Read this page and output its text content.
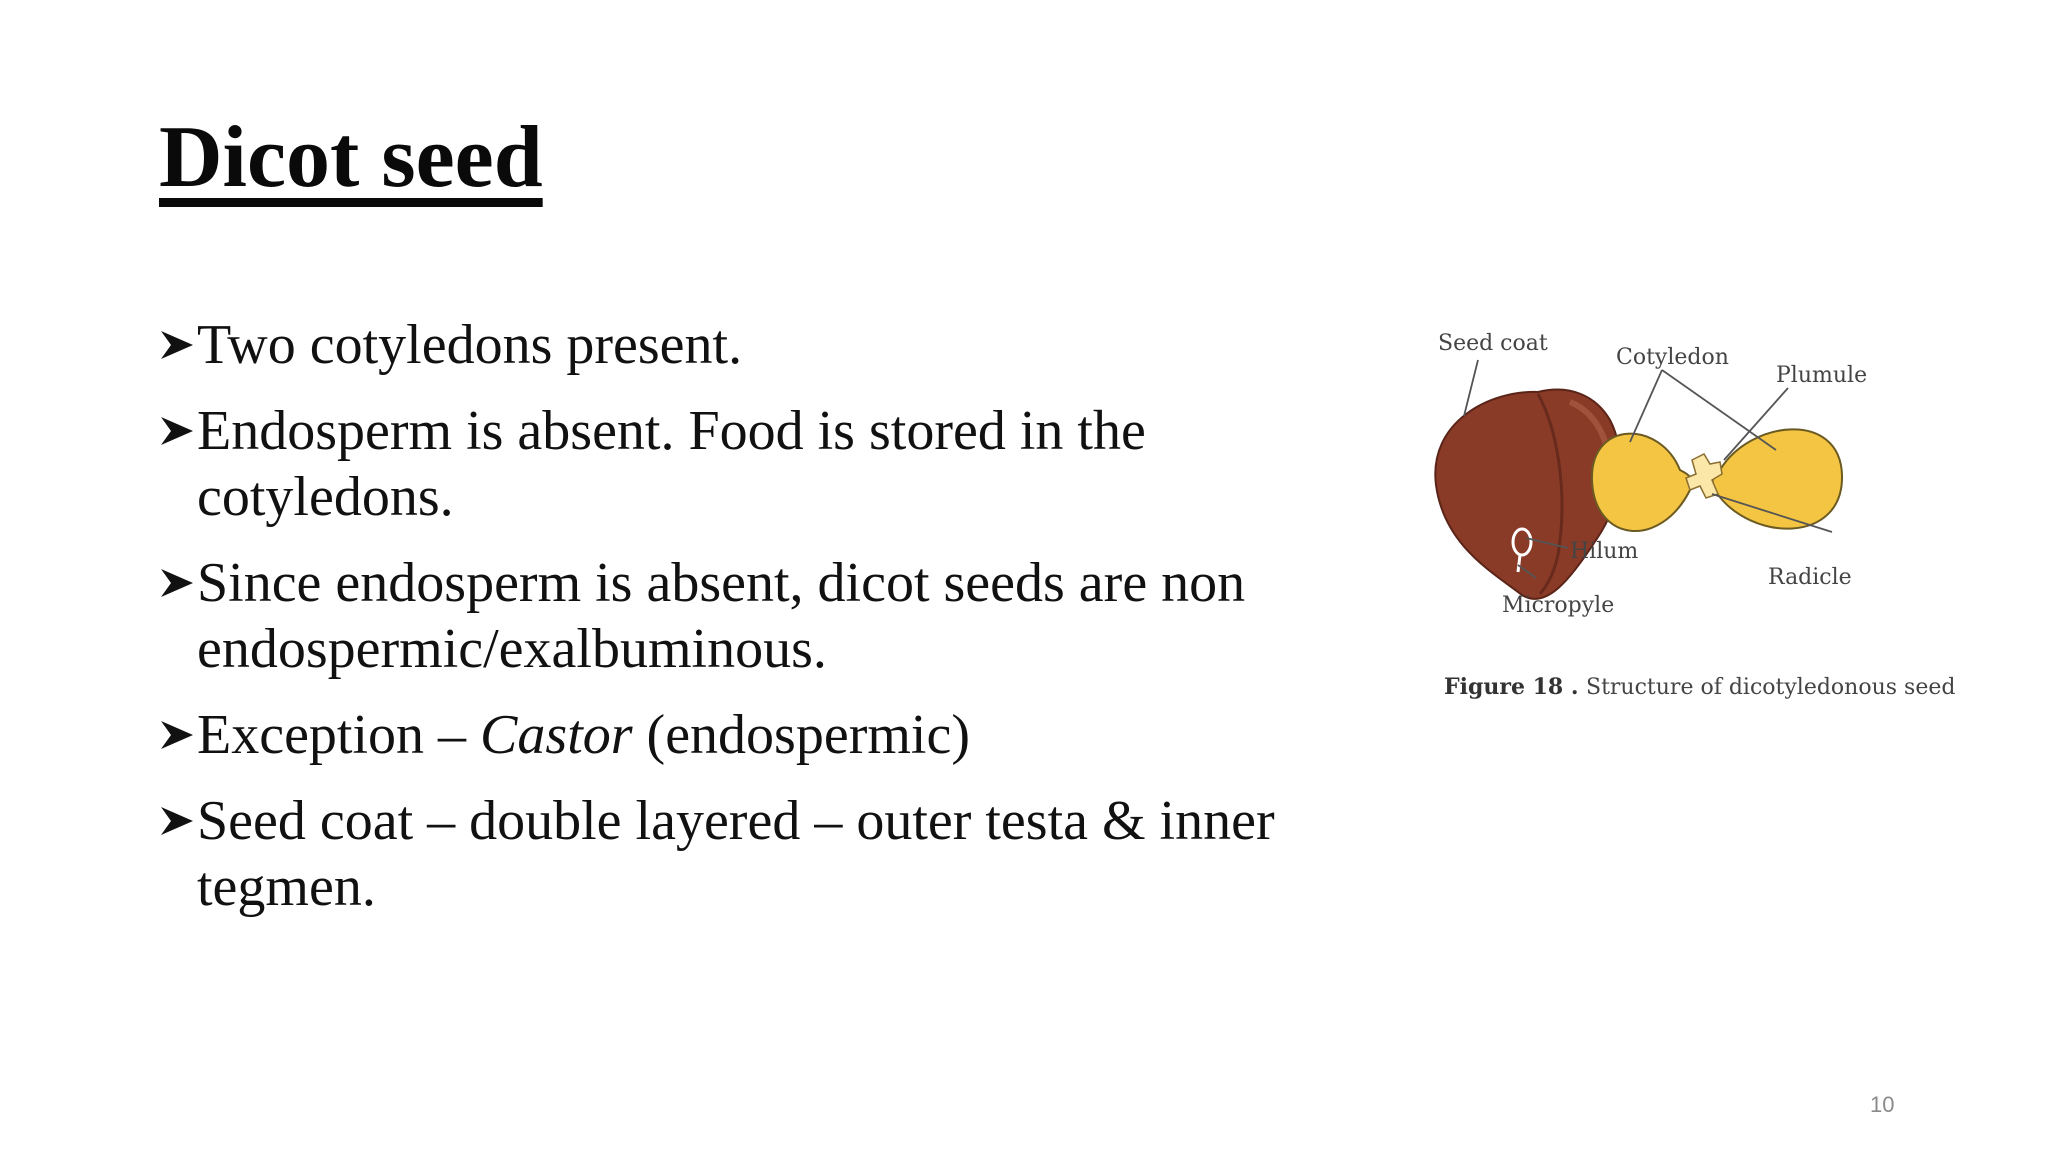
Dicot seed
Two cotyledons present.
Endosperm is absent. Food is stored in the cotyledons.
Since endosperm is absent, dicot seeds are non endospermic/exalbuminous.
Exception – Castor (endospermic)
Seed coat – double layered – outer testa & inner tegmen.
Seed coat
Cotyledon
Plumule
Hilum
Radicle
Micropyle
Figure 18 . Structure of dicotyledonous seed
10
